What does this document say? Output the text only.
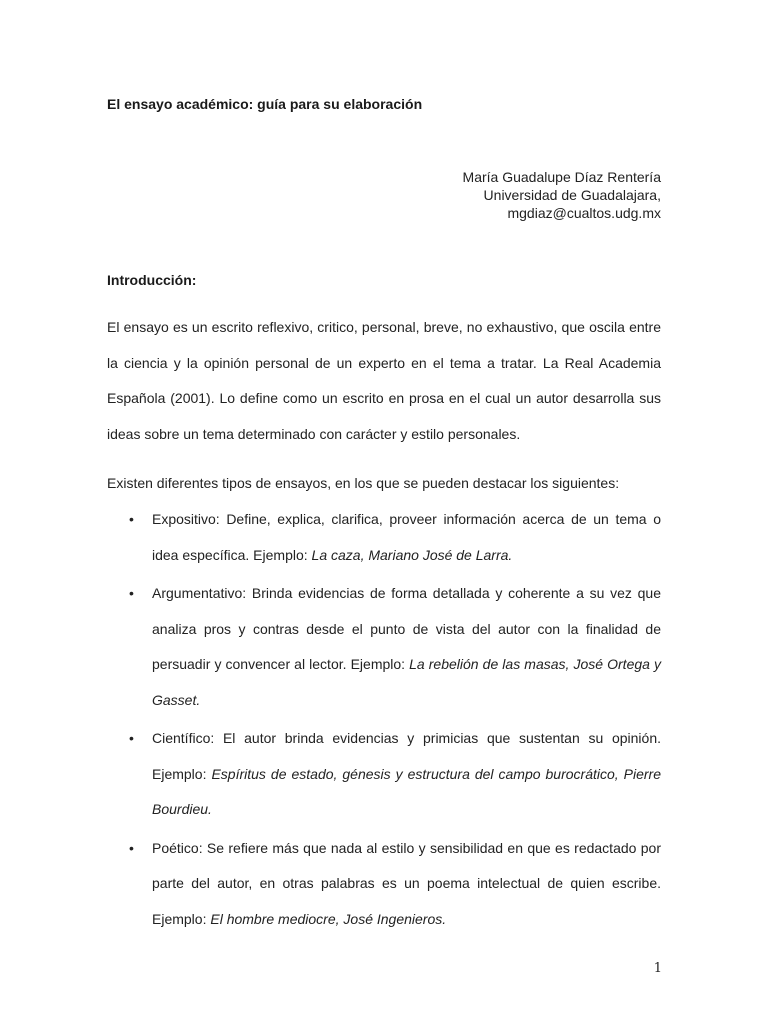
El ensayo académico: guía para su elaboración
María Guadalupe Díaz Rentería
Universidad de Guadalajara,
mgdiaz@cualtos.udg.mx
Introducción:
El ensayo es un escrito reflexivo, critico, personal, breve, no exhaustivo, que oscila entre la ciencia y la opinión personal de un experto en el tema a tratar. La Real Academia Española (2001). Lo define como un escrito en prosa en el cual un autor desarrolla sus ideas sobre un tema determinado con carácter y estilo personales.
Existen diferentes tipos de ensayos, en los que se pueden destacar los siguientes:
• Expositivo: Define, explica, clarifica, proveer información acerca de un tema o idea específica. Ejemplo: La caza, Mariano José de Larra.
• Argumentativo: Brinda evidencias de forma detallada y coherente a su vez que analiza pros y contras desde el punto de vista del autor con la finalidad de persuadir y convencer al lector. Ejemplo: La rebelión de las masas, José Ortega y Gasset.
• Científico: El autor brinda evidencias y primicias que sustentan su opinión. Ejemplo: Espíritus de estado, génesis y estructura del campo burocrático, Pierre Bourdieu.
• Poético: Se refiere más que nada al estilo y sensibilidad en que es redactado por parte del autor, en otras palabras es un poema intelectual de quien escribe. Ejemplo: El hombre mediocre, José Ingenieros.
1
